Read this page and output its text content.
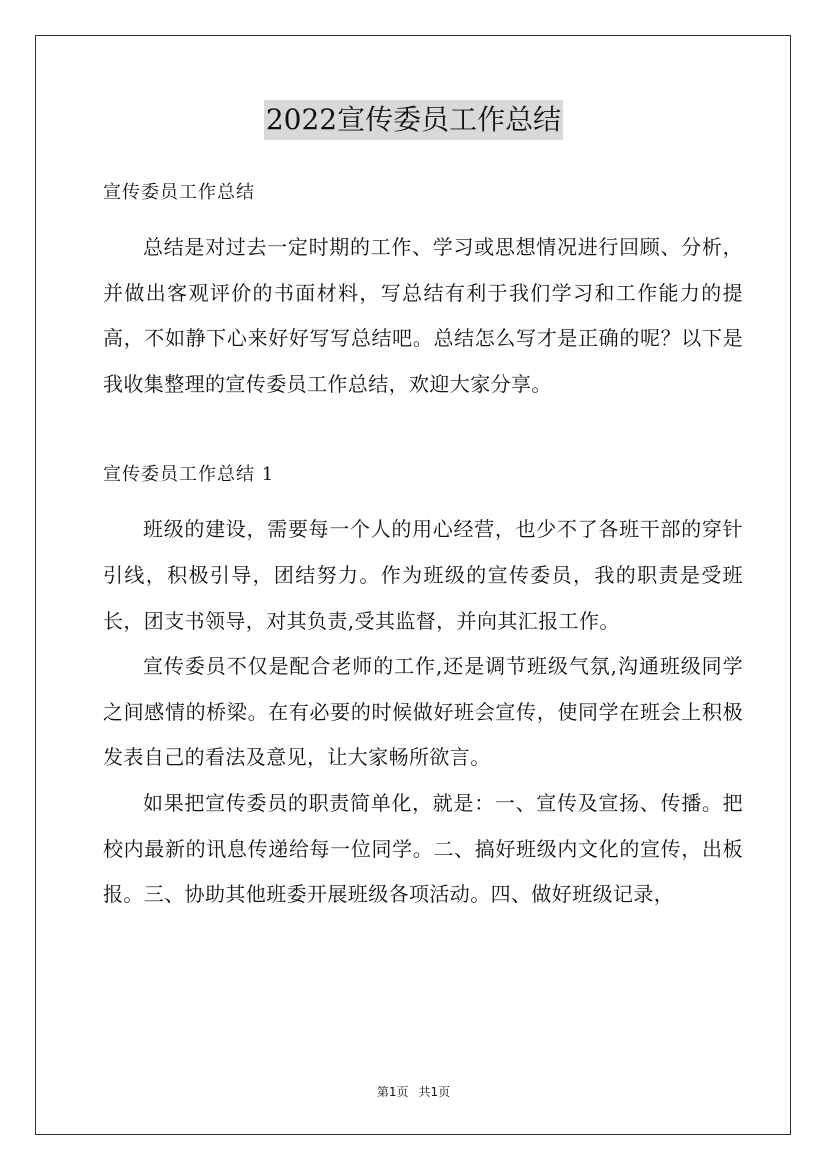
2022宣传委员工作总结

宣传委员工作总结

总结是对过去一定时期的工作、学习或思想情况进行回顾、分析，并做出客观评价的书面材料，写总结有利于我们学习和工作能力的提高，不如静下心来好好写写总结吧。总结怎么写才是正确的呢？以下是我收集整理的宣传委员工作总结，欢迎大家分享。

宣传委员工作总结 1

班级的建设，需要每一个人的用心经营，也少不了各班干部的穿针引线，积极引导，团结努力。作为班级的宣传委员，我的职责是受班长，团支书领导，对其负责,受其监督，并向其汇报工作。

宣传委员不仅是配合老师的工作,还是调节班级气氛,沟通班级同学之间感情的桥梁。在有必要的时候做好班会宣传，使同学在班会上积极发表自己的看法及意见，让大家畅所欲言。

如果把宣传委员的职责简单化，就是：一、宣传及宣扬、传播。把校内最新的讯息传递给每一位同学。二、搞好班级内文化的宣传，出板报。三、协助其他班委开展班级各项活动。四、做好班级记录，

第1页 共1页
